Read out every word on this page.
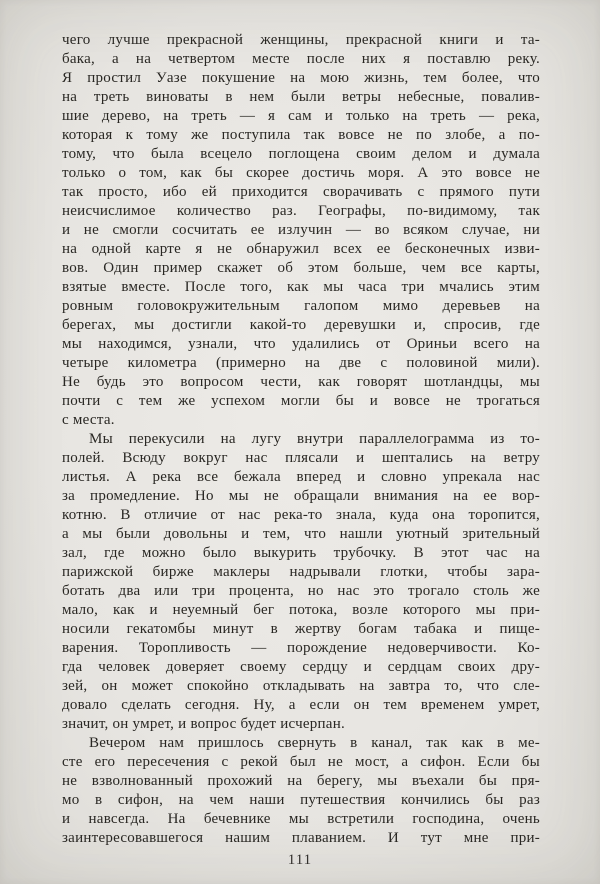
чего лучше прекрасной женщины, прекрасной книги и та-
бака, а на четвертом месте после них я поставлю реку.
Я простил Уазе покушение на мою жизнь, тем более, что
на треть виноваты в нем были ветры небесные, повалив-
шие дерево, на треть — я сам и только на треть — река,
которая к тому же поступила так вовсе не по злобе, а по-
тому, что была всецело поглощена своим делом и думала
только о том, как бы скорее достичь моря. А это вовсе не
так просто, ибо ей приходится сворачивать с прямого пути
неисчислимое количество раз. Географы, по-видимому, так
и не смогли сосчитать ее излучин — во всяком случае, ни
на одной карте я не обнаружил всех ее бесконечных изви-
вов. Один пример скажет об этом больше, чем все карты,
взятые вместе. После того, как мы часа три мчались этим
ровным головокружительным галопом мимо деревьев на
берегах, мы достигли какой-то деревушки и, спросив, где
мы находимся, узнали, что удалились от Ориньи всего на
четыре километра (примерно на две с половиной мили).
Не будь это вопросом чести, как говорят шотландцы, мы
почти с тем же успехом могли бы и вовсе не трогаться
с места.
Мы перекусили на лугу внутри параллелограмма из то-
полей. Всюду вокруг нас плясали и шептались на ветру
листья. А река все бежала вперед и словно упрекала нас
за промедление. Но мы не обращали внимания на ее вор-
котню. В отличие от нас река-то знала, куда она торопится,
а мы были довольны и тем, что нашли уютный зрительный
зал, где можно было выкурить трубочку. В этот час на
парижской бирже маклеры надрывали глотки, чтобы зара-
ботать два или три процента, но нас это трогало столь же
мало, как и неуемный бег потока, возле которого мы при-
носили гекатомбы минут в жертву богам табака и пище-
варения. Торопливость — порождение недоверчивости. Ко-
гда человек доверяет своему сердцу и сердцам своих дру-
зей, он может спокойно откладывать на завтра то, что сле-
довало сделать сегодня. Ну, а если он тем временем умрет,
значит, он умрет, и вопрос будет исчерпан.
Вечером нам пришлось свернуть в канал, так как в ме-
сте его пересечения с рекой был не мост, а сифон. Если бы
не взволнованный прохожий на берегу, мы въехали бы пря-
мо в сифон, на чем наши путешествия кончились бы раз
и навсегда. На бечевнике мы встретили господина, очень
заинтересовавшегося нашим плаванием. И тут мне при-
111
